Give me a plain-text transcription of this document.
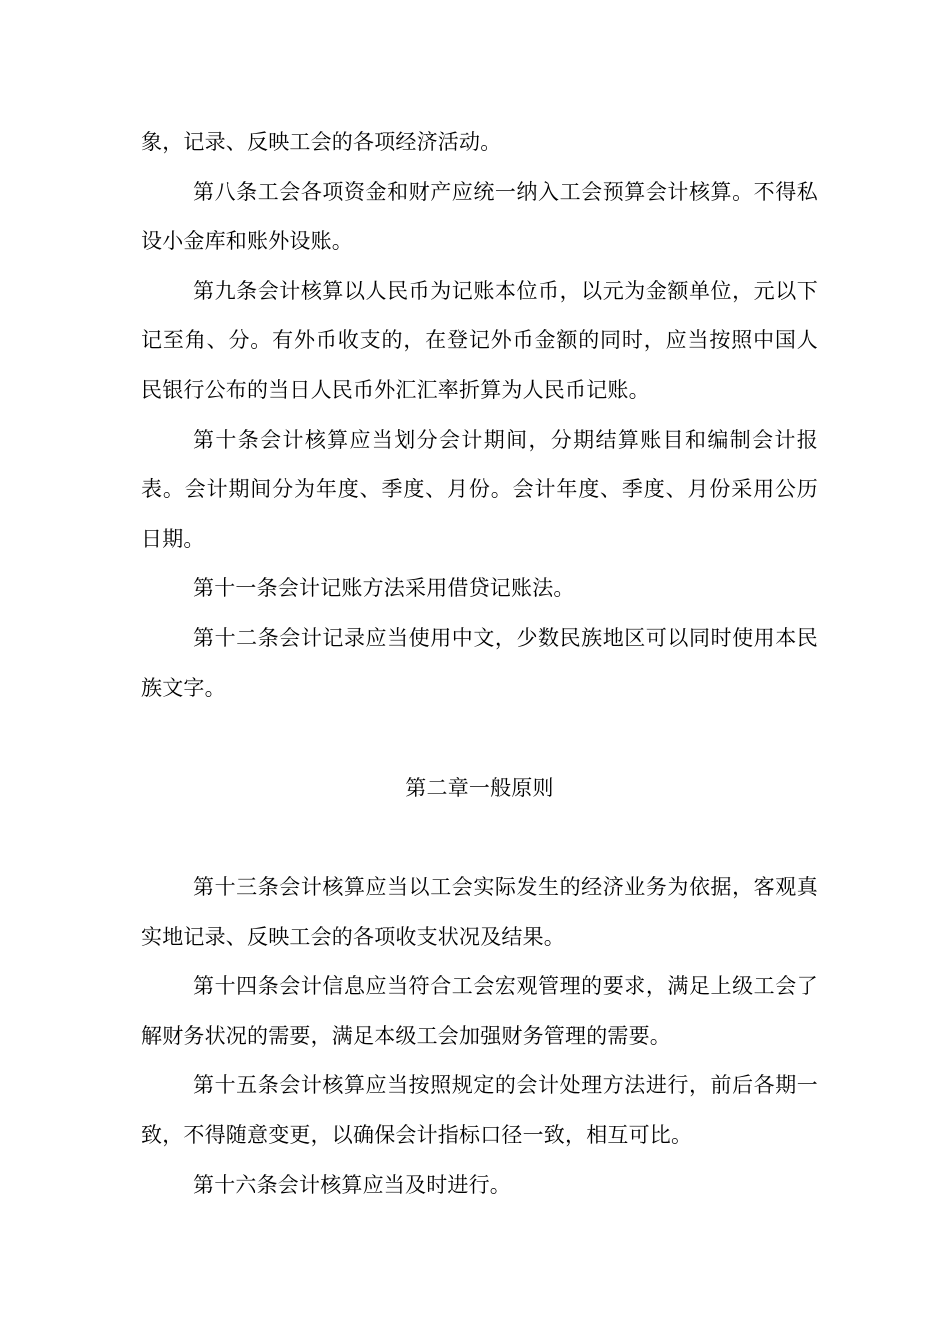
象，记录、反映工会的各项经济活动。

第八条工会各项资金和财产应统一纳入工会预算会计核算。不得私设小金库和账外设账。

第九条会计核算以人民币为记账本位币，以元为金额单位，元以下记至角、分。有外币收支的，在登记外币金额的同时，应当按照中国人民银行公布的当日人民币外汇汇率折算为人民币记账。

第十条会计核算应当划分会计期间，分期结算账目和编制会计报表。会计期间分为年度、季度、月份。会计年度、季度、月份采用公历日期。

第十一条会计记账方法采用借贷记账法。

第十二条会计记录应当使用中文，少数民族地区可以同时使用本民族文字。

第二章一般原则

第十三条会计核算应当以工会实际发生的经济业务为依据，客观真实地记录、反映工会的各项收支状况及结果。

第十四条会计信息应当符合工会宏观管理的要求，满足上级工会了解财务状况的需要，满足本级工会加强财务管理的需要。

第十五条会计核算应当按照规定的会计处理方法进行，前后各期一致，不得随意变更，以确保会计指标口径一致，相互可比。

第十六条会计核算应当及时进行。
